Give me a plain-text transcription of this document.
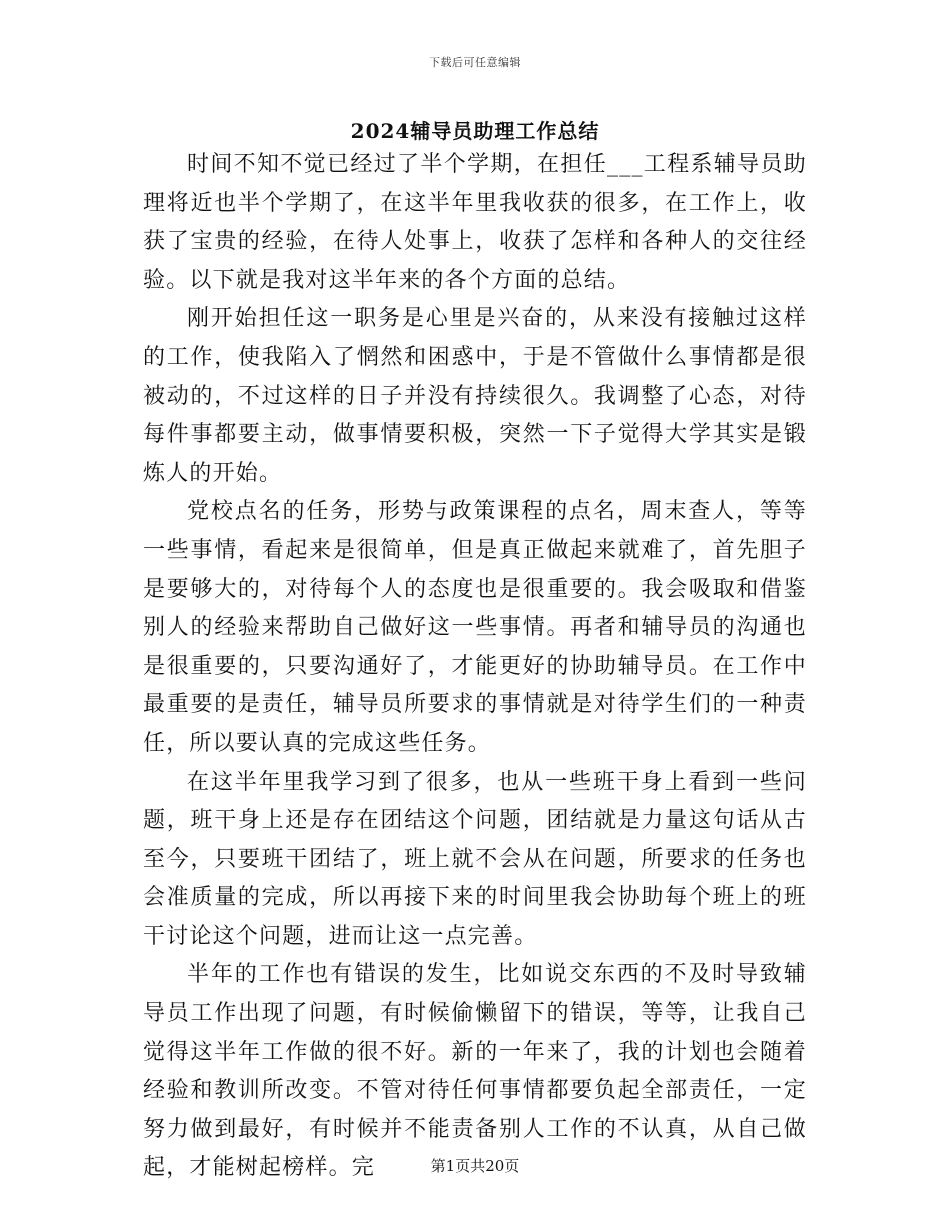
下载后可任意编辑
2024辅导员助理工作总结

时间不知不觉已经过了半个学期，在担任___工程系辅导员助理将近也半个学期了，在这半年里我收获的很多，在工作上，收获了宝贵的经验，在待人处事上，收获了怎样和各种人的交往经验。以下就是我对这半年来的各个方面的总结。

刚开始担任这一职务是心里是兴奋的，从来没有接触过这样的工作，使我陷入了惘然和困惑中，于是不管做什么事情都是很被动的，不过这样的日子并没有持续很久。我调整了心态，对待每件事都要主动，做事情要积极，突然一下子觉得大学其实是锻炼人的开始。

党校点名的任务，形势与政策课程的点名，周末查人，等等一些事情，看起来是很简单，但是真正做起来就难了，首先胆子是要够大的，对待每个人的态度也是很重要的。我会吸取和借鉴别人的经验来帮助自己做好这一些事情。再者和辅导员的沟通也是很重要的，只要沟通好了，才能更好的协助辅导员。在工作中最重要的是责任，辅导员所要求的事情就是对待学生们的一种责任，所以要认真的完成这些任务。

在这半年里我学习到了很多，也从一些班干身上看到一些问题，班干身上还是存在团结这个问题，团结就是力量这句话从古至今，只要班干团结了，班上就不会从在问题，所要求的任务也会准质量的完成，所以再接下来的时间里我会协助每个班上的班干讨论这个问题，进而让这一点完善。

半年的工作也有错误的发生，比如说交东西的不及时导致辅导员工作出现了问题，有时候偷懒留下的错误，等等，让我自己觉得这半年工作做的很不好。新的一年来了，我的计划也会随着经验和教训所改变。不管对待任何事情都要负起全部责任，一定努力做到最好，有时候并不能责备别人工作的不认真，从自己做起，才能树起榜样。完	第1页共20页
